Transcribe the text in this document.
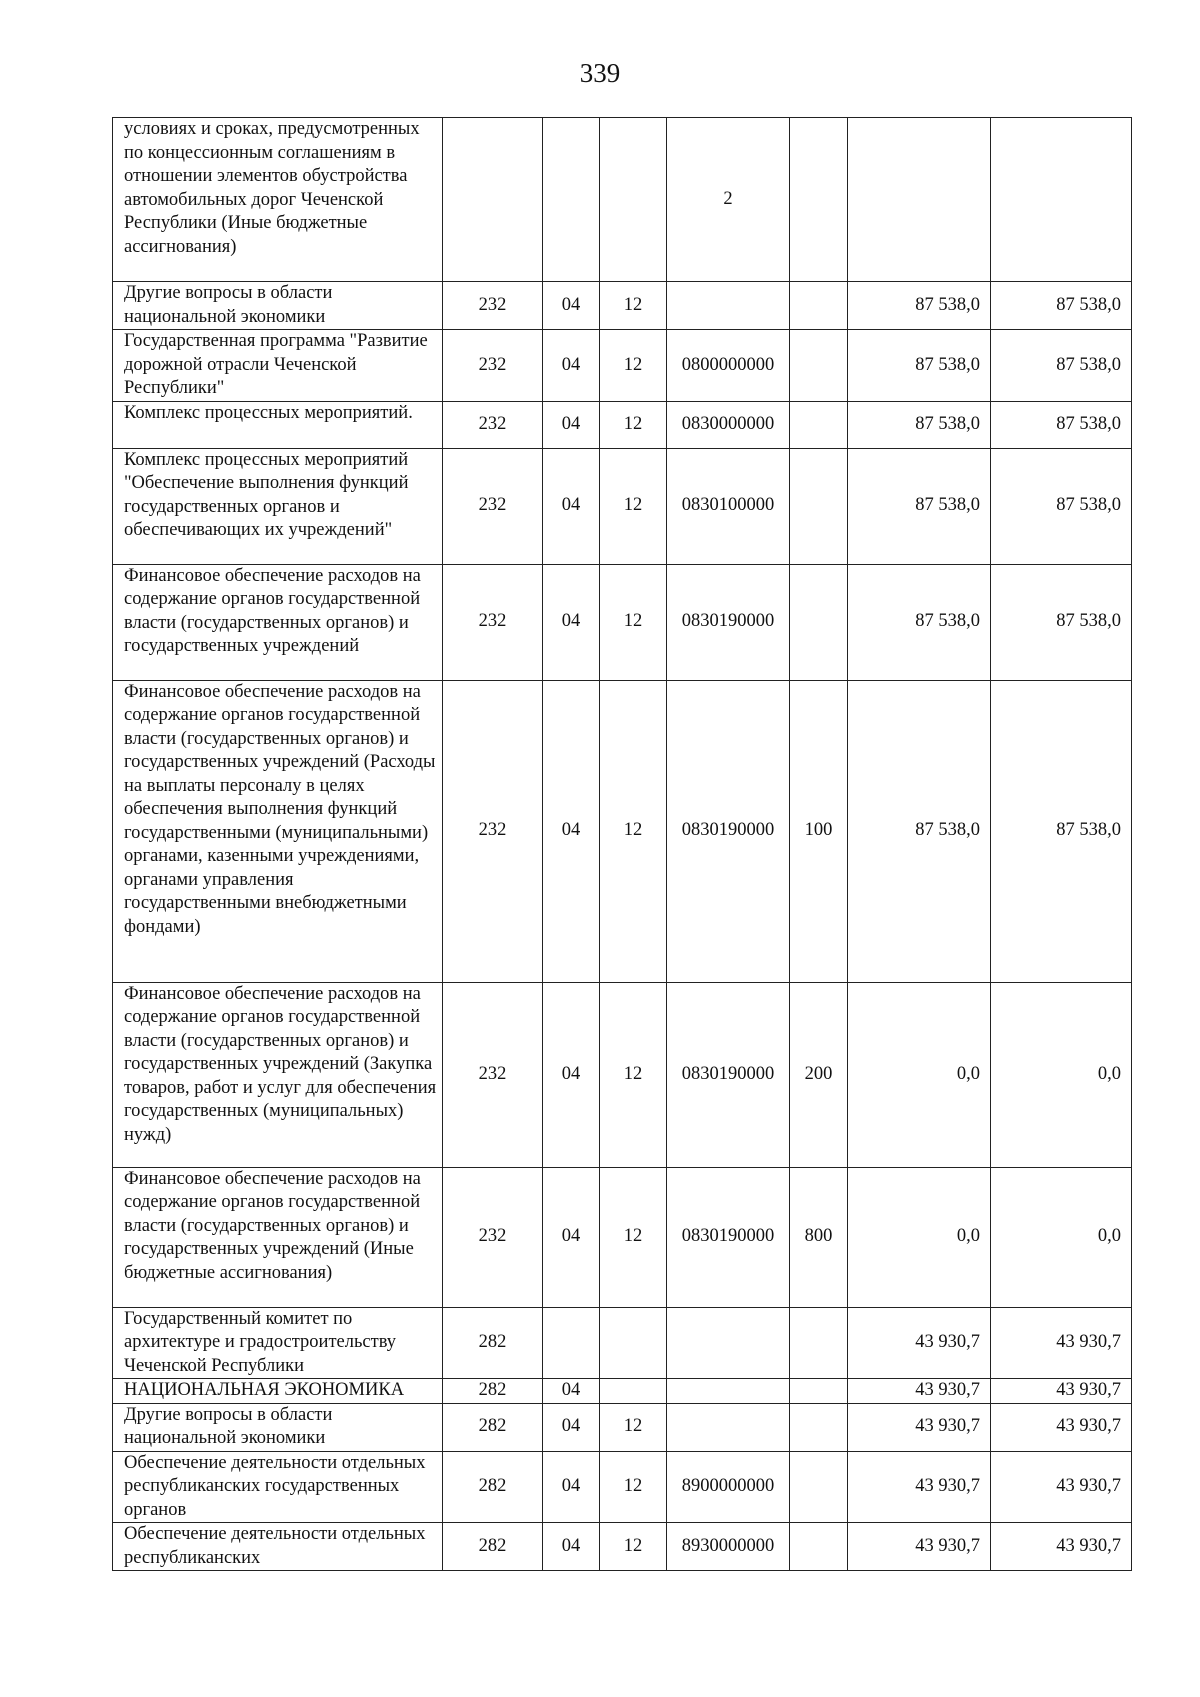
339
условиях и сроках, предусмотренных по концессионным соглашениям в отношении элементов обустройства автомобильных дорог Чеченской Республики (Иные бюджетные ассигнования)				2			
Другие вопросы в области национальной экономики	232	04	12			87 538,0	87 538,0
Государственная программа "Развитие дорожной отрасли Чеченской Республики"	232	04	12	0800000000		87 538,0	87 538,0
Комплекс процессных мероприятий.	232	04	12	0830000000		87 538,0	87 538,0
Комплекс процессных мероприятий "Обеспечение выполнения функций государственных органов и обеспечивающих их учреждений"	232	04	12	0830100000		87 538,0	87 538,0
Финансовое обеспечение расходов на содержание органов государственной власти (государственных органов) и государственных учреждений	232	04	12	0830190000		87 538,0	87 538,0
Финансовое обеспечение расходов на содержание органов государственной власти (государственных органов) и государственных учреждений (Расходы на выплаты персоналу в целях обеспечения выполнения функций государственными (муниципальными) органами, казенными учреждениями, органами управления государственными внебюджетными фондами)	232	04	12	0830190000	100	87 538,0	87 538,0
Финансовое обеспечение расходов на содержание органов государственной власти (государственных органов) и государственных учреждений (Закупка товаров, работ и услуг для обеспечения государственных (муниципальных) нужд)	232	04	12	0830190000	200	0,0	0,0
Финансовое обеспечение расходов на содержание органов государственной власти (государственных органов) и государственных учреждений (Иные бюджетные ассигнования)	232	04	12	0830190000	800	0,0	0,0
Государственный комитет по архитектуре и градостроительству Чеченской Республики	282					43 930,7	43 930,7
НАЦИОНАЛЬНАЯ ЭКОНОМИКА	282	04				43 930,7	43 930,7
Другие вопросы в области национальной экономики	282	04	12			43 930,7	43 930,7
Обеспечение деятельности отдельных республиканских государственных органов	282	04	12	8900000000		43 930,7	43 930,7
Обеспечение деятельности отдельных республиканских	282	04	12	8930000000		43 930,7	43 930,7
